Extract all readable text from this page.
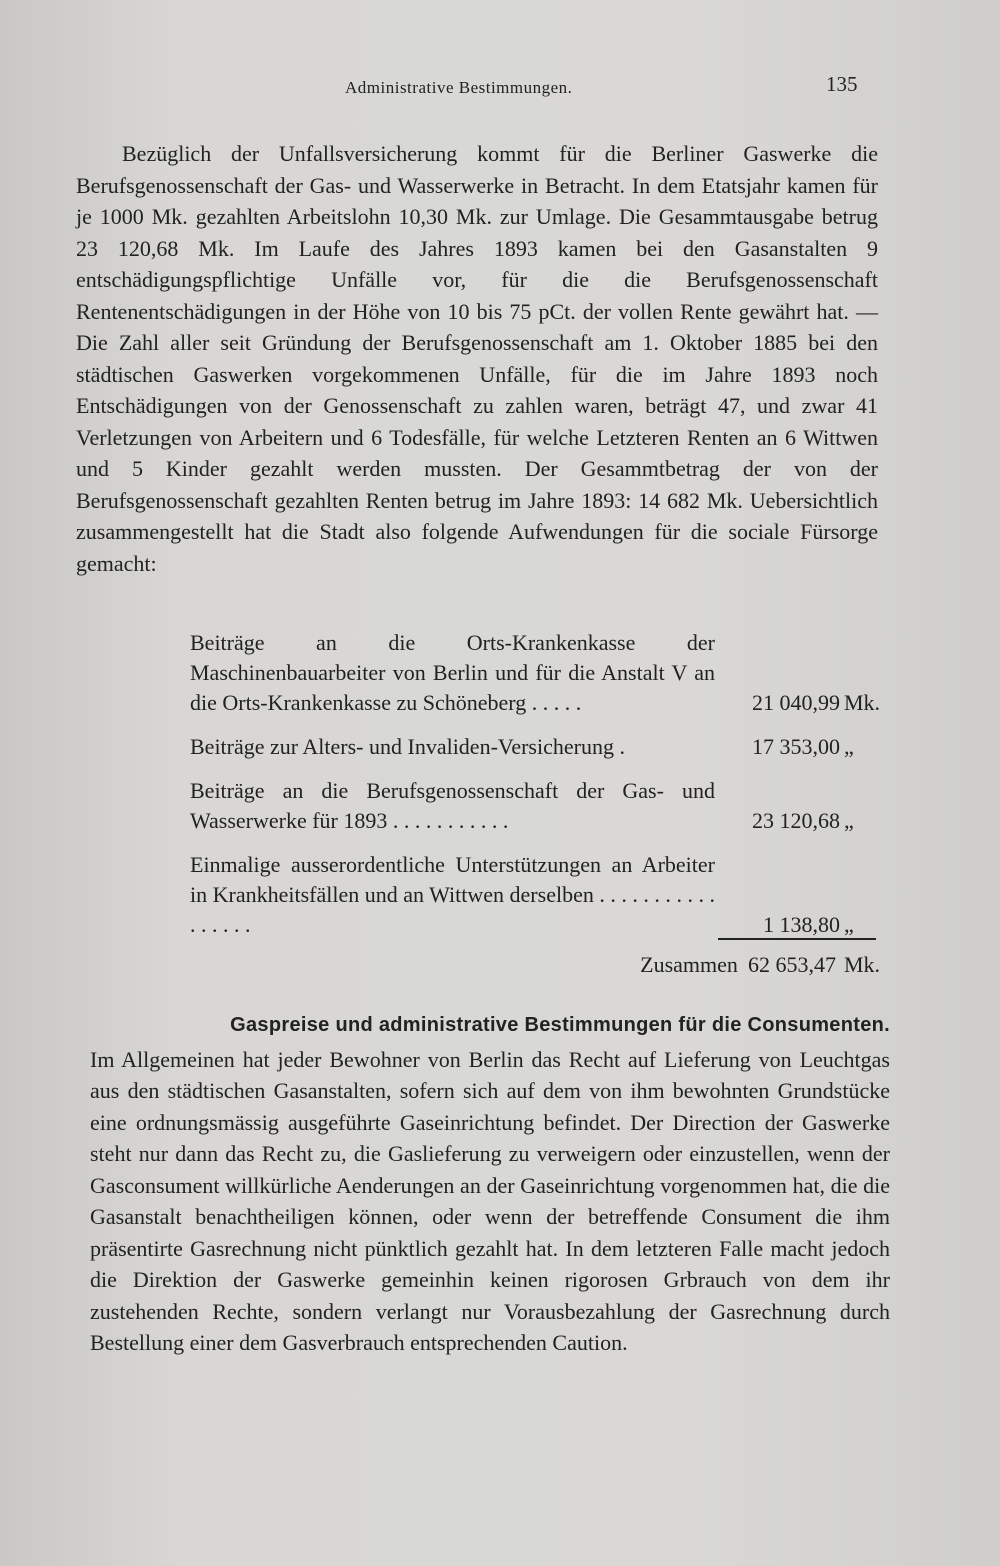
Administrative Bestimmungen.	135
Bezüglich der Unfallsversicherung kommt für die Berliner Gaswerke die Berufsgenossenschaft der Gas- und Wasserwerke in Betracht. In dem Etatsjahr kamen für je 1000 Mk. gezahlten Arbeitslohn 10,30 Mk. zur Umlage. Die Gesammtausgabe betrug 23 120,68 Mk. Im Laufe des Jahres 1893 kamen bei den Gasanstalten 9 entschädigungspflichtige Unfälle vor, für die die Berufsgenossenschaft Rentenentschädigungen in der Höhe von 10 bis 75 pCt. der vollen Rente gewährt hat. — Die Zahl aller seit Gründung der Berufsgenossenschaft am 1. Oktober 1885 bei den städtischen Gaswerken vorgekommenen Unfälle, für die im Jahre 1893 noch Entschädigungen von der Genossenschaft zu zahlen waren, beträgt 47, und zwar 41 Verletzungen von Arbeitern und 6 Todesfälle, für welche Letzteren Renten an 6 Wittwen und 5 Kinder gezahlt werden mussten. Der Gesammtbetrag der von der Berufsgenossenschaft gezahlten Renten betrug im Jahre 1893: 14 682 Mk. Uebersichtlich zusammengestellt hat die Stadt also folgende Aufwendungen für die sociale Fürsorge gemacht:
Beiträge an die Orts-Krankenkasse der Maschinenbauarbeiter von Berlin und für die Anstalt V an die Orts-Krankenkasse zu Schöneberg . . . . .	21 040,99 Mk.
Beiträge zur Alters- und Invaliden-Versicherung .	17 353,00 „
Beiträge an die Berufsgenossenschaft der Gas- und Wasserwerke für 1893 . . . . . . . . . . .	23 120,68 „
Einmalige ausserordentliche Unterstützungen an Arbeiter in Krankheitsfällen und an Wittwen derselben . . . . . . . . . . . . . . . . .	1 138,80 „
Zusammen 62 653,47 Mk.
Gaspreise und administrative Bestimmungen für die Consumenten.
Im Allgemeinen hat jeder Bewohner von Berlin das Recht auf Lieferung von Leuchtgas aus den städtischen Gasanstalten, sofern sich auf dem von ihm bewohnten Grundstücke eine ordnungsmässig ausgeführte Gaseinrichtung befindet. Der Direction der Gaswerke steht nur dann das Recht zu, die Gaslieferung zu verweigern oder einzustellen, wenn der Gasconsument willkürliche Aenderungen an der Gaseinrichtung vorgenommen hat, die die Gasanstalt benachtheiligen können, oder wenn der betreffende Consument die ihm präsentirte Gasrechnung nicht pünktlich gezahlt hat. In dem letzteren Falle macht jedoch die Direktion der Gaswerke gemeinhin keinen rigorosen Grbrauch von dem ihr zustehenden Rechte, sondern verlangt nur Vorausbezahlung der Gasrechnung durch Bestellung einer dem Gasverbrauch entsprechenden Caution.
